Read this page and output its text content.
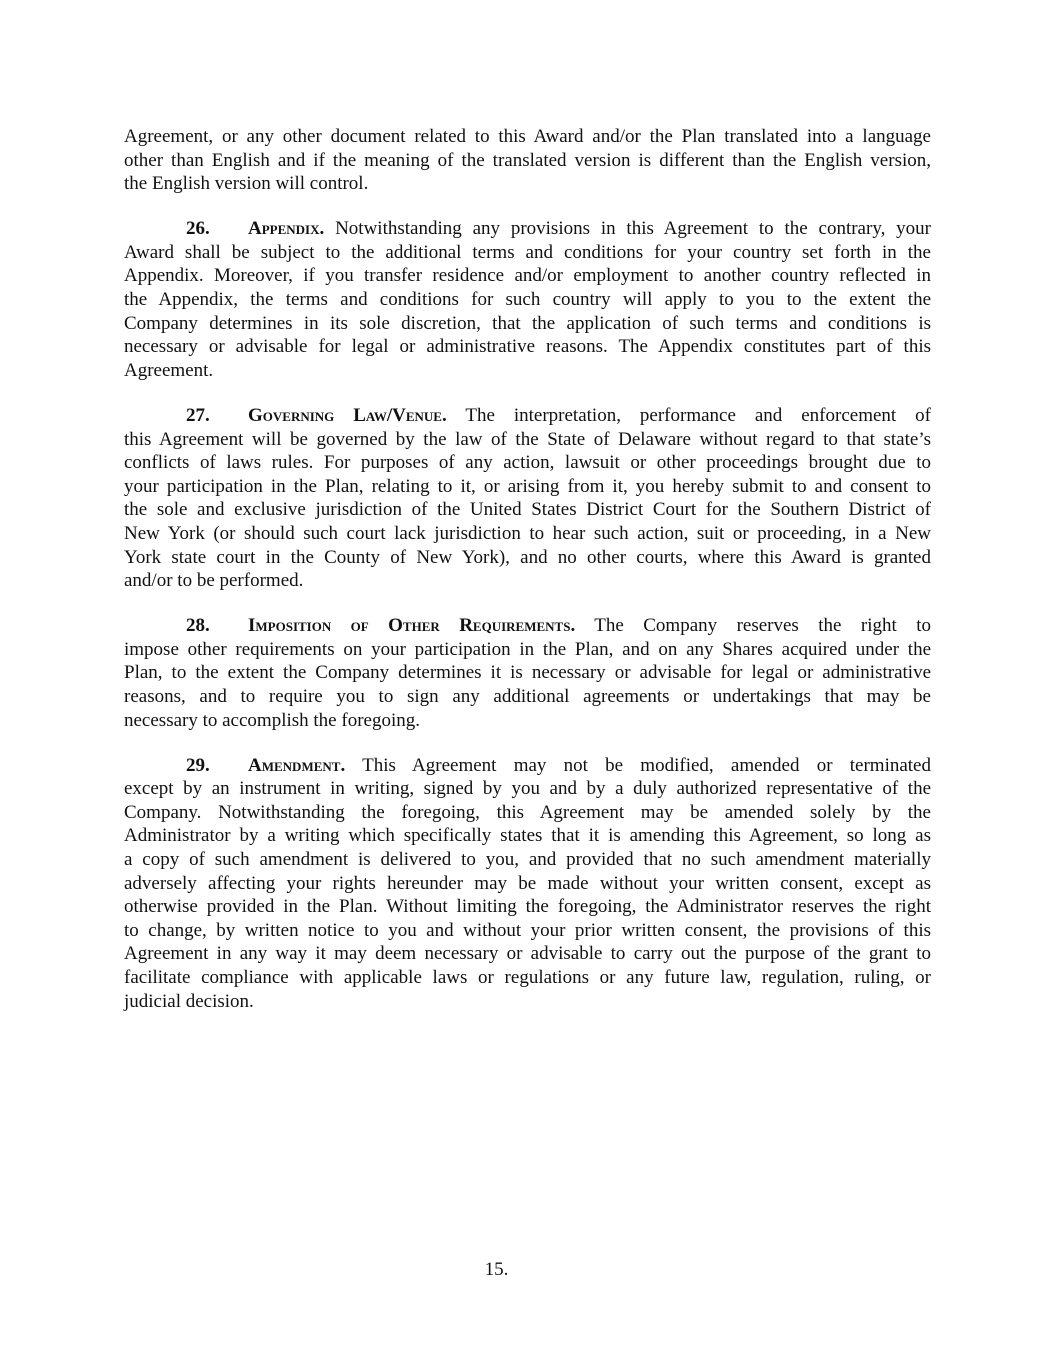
Agreement, or any other document related to this Award and/or the Plan translated into a language
other than English and if the meaning of the translated version is different than the English version,
the English version will control.
26. Appendix. Notwithstanding any provisions in this Agreement to the contrary, your
Award shall be subject to the additional terms and conditions for your country set forth in the
Appendix. Moreover, if you transfer residence and/or employment to another country reflected in
the Appendix, the terms and conditions for such country will apply to you to the extent the
Company determines in its sole discretion, that the application of such terms and conditions is
necessary or advisable for legal or administrative reasons. The Appendix constitutes part of this
Agreement.
27. Governing Law/Venue. The interpretation, performance and enforcement of
this Agreement will be governed by the law of the State of Delaware without regard to that state’s
conflicts of laws rules. For purposes of any action, lawsuit or other proceedings brought due to
your participation in the Plan, relating to it, or arising from it, you hereby submit to and consent to
the sole and exclusive jurisdiction of the United States District Court for the Southern District of
New York (or should such court lack jurisdiction to hear such action, suit or proceeding, in a New
York state court in the County of New York), and no other courts, where this Award is granted
and/or to be performed.
28. Imposition of Other Requirements. The Company reserves the right to
impose other requirements on your participation in the Plan, and on any Shares acquired under the
Plan, to the extent the Company determines it is necessary or advisable for legal or administrative
reasons, and to require you to sign any additional agreements or undertakings that may be
necessary to accomplish the foregoing.
29. Amendment. This Agreement may not be modified, amended or terminated
except by an instrument in writing, signed by you and by a duly authorized representative of the
Company. Notwithstanding the foregoing, this Agreement may be amended solely by the
Administrator by a writing which specifically states that it is amending this Agreement, so long as
a copy of such amendment is delivered to you, and provided that no such amendment materially
adversely affecting your rights hereunder may be made without your written consent, except as
otherwise provided in the Plan. Without limiting the foregoing, the Administrator reserves the right
to change, by written notice to you and without your prior written consent, the provisions of this
Agreement in any way it may deem necessary or advisable to carry out the purpose of the grant to
facilitate compliance with applicable laws or regulations or any future law, regulation, ruling, or
judicial decision.
15.
